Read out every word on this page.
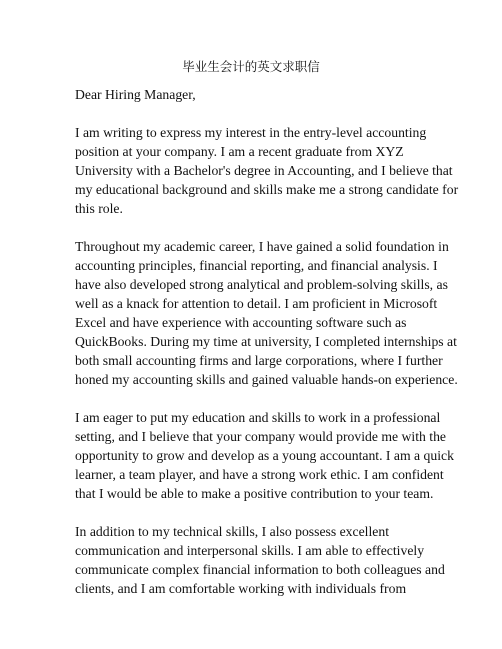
毕业生会计的英文求职信

Dear Hiring Manager,

I am writing to express my interest in the entry-level accounting position at your company. I am a recent graduate from XYZ University with a Bachelor's degree in Accounting, and I believe that my educational background and skills make me a strong candidate for this role.

Throughout my academic career, I have gained a solid foundation in accounting principles, financial reporting, and financial analysis. I have also developed strong analytical and problem-solving skills, as well as a knack for attention to detail. I am proficient in Microsoft Excel and have experience with accounting software such as QuickBooks. During my time at university, I completed internships at both small accounting firms and large corporations, where I further honed my accounting skills and gained valuable hands-on experience.

I am eager to put my education and skills to work in a professional setting, and I believe that your company would provide me with the opportunity to grow and develop as a young accountant. I am a quick learner, a team player, and have a strong work ethic. I am confident that I would be able to make a positive contribution to your team.

In addition to my technical skills, I also possess excellent communication and interpersonal skills. I am able to effectively communicate complex financial information to both colleagues and clients, and I am comfortable working with individuals from
